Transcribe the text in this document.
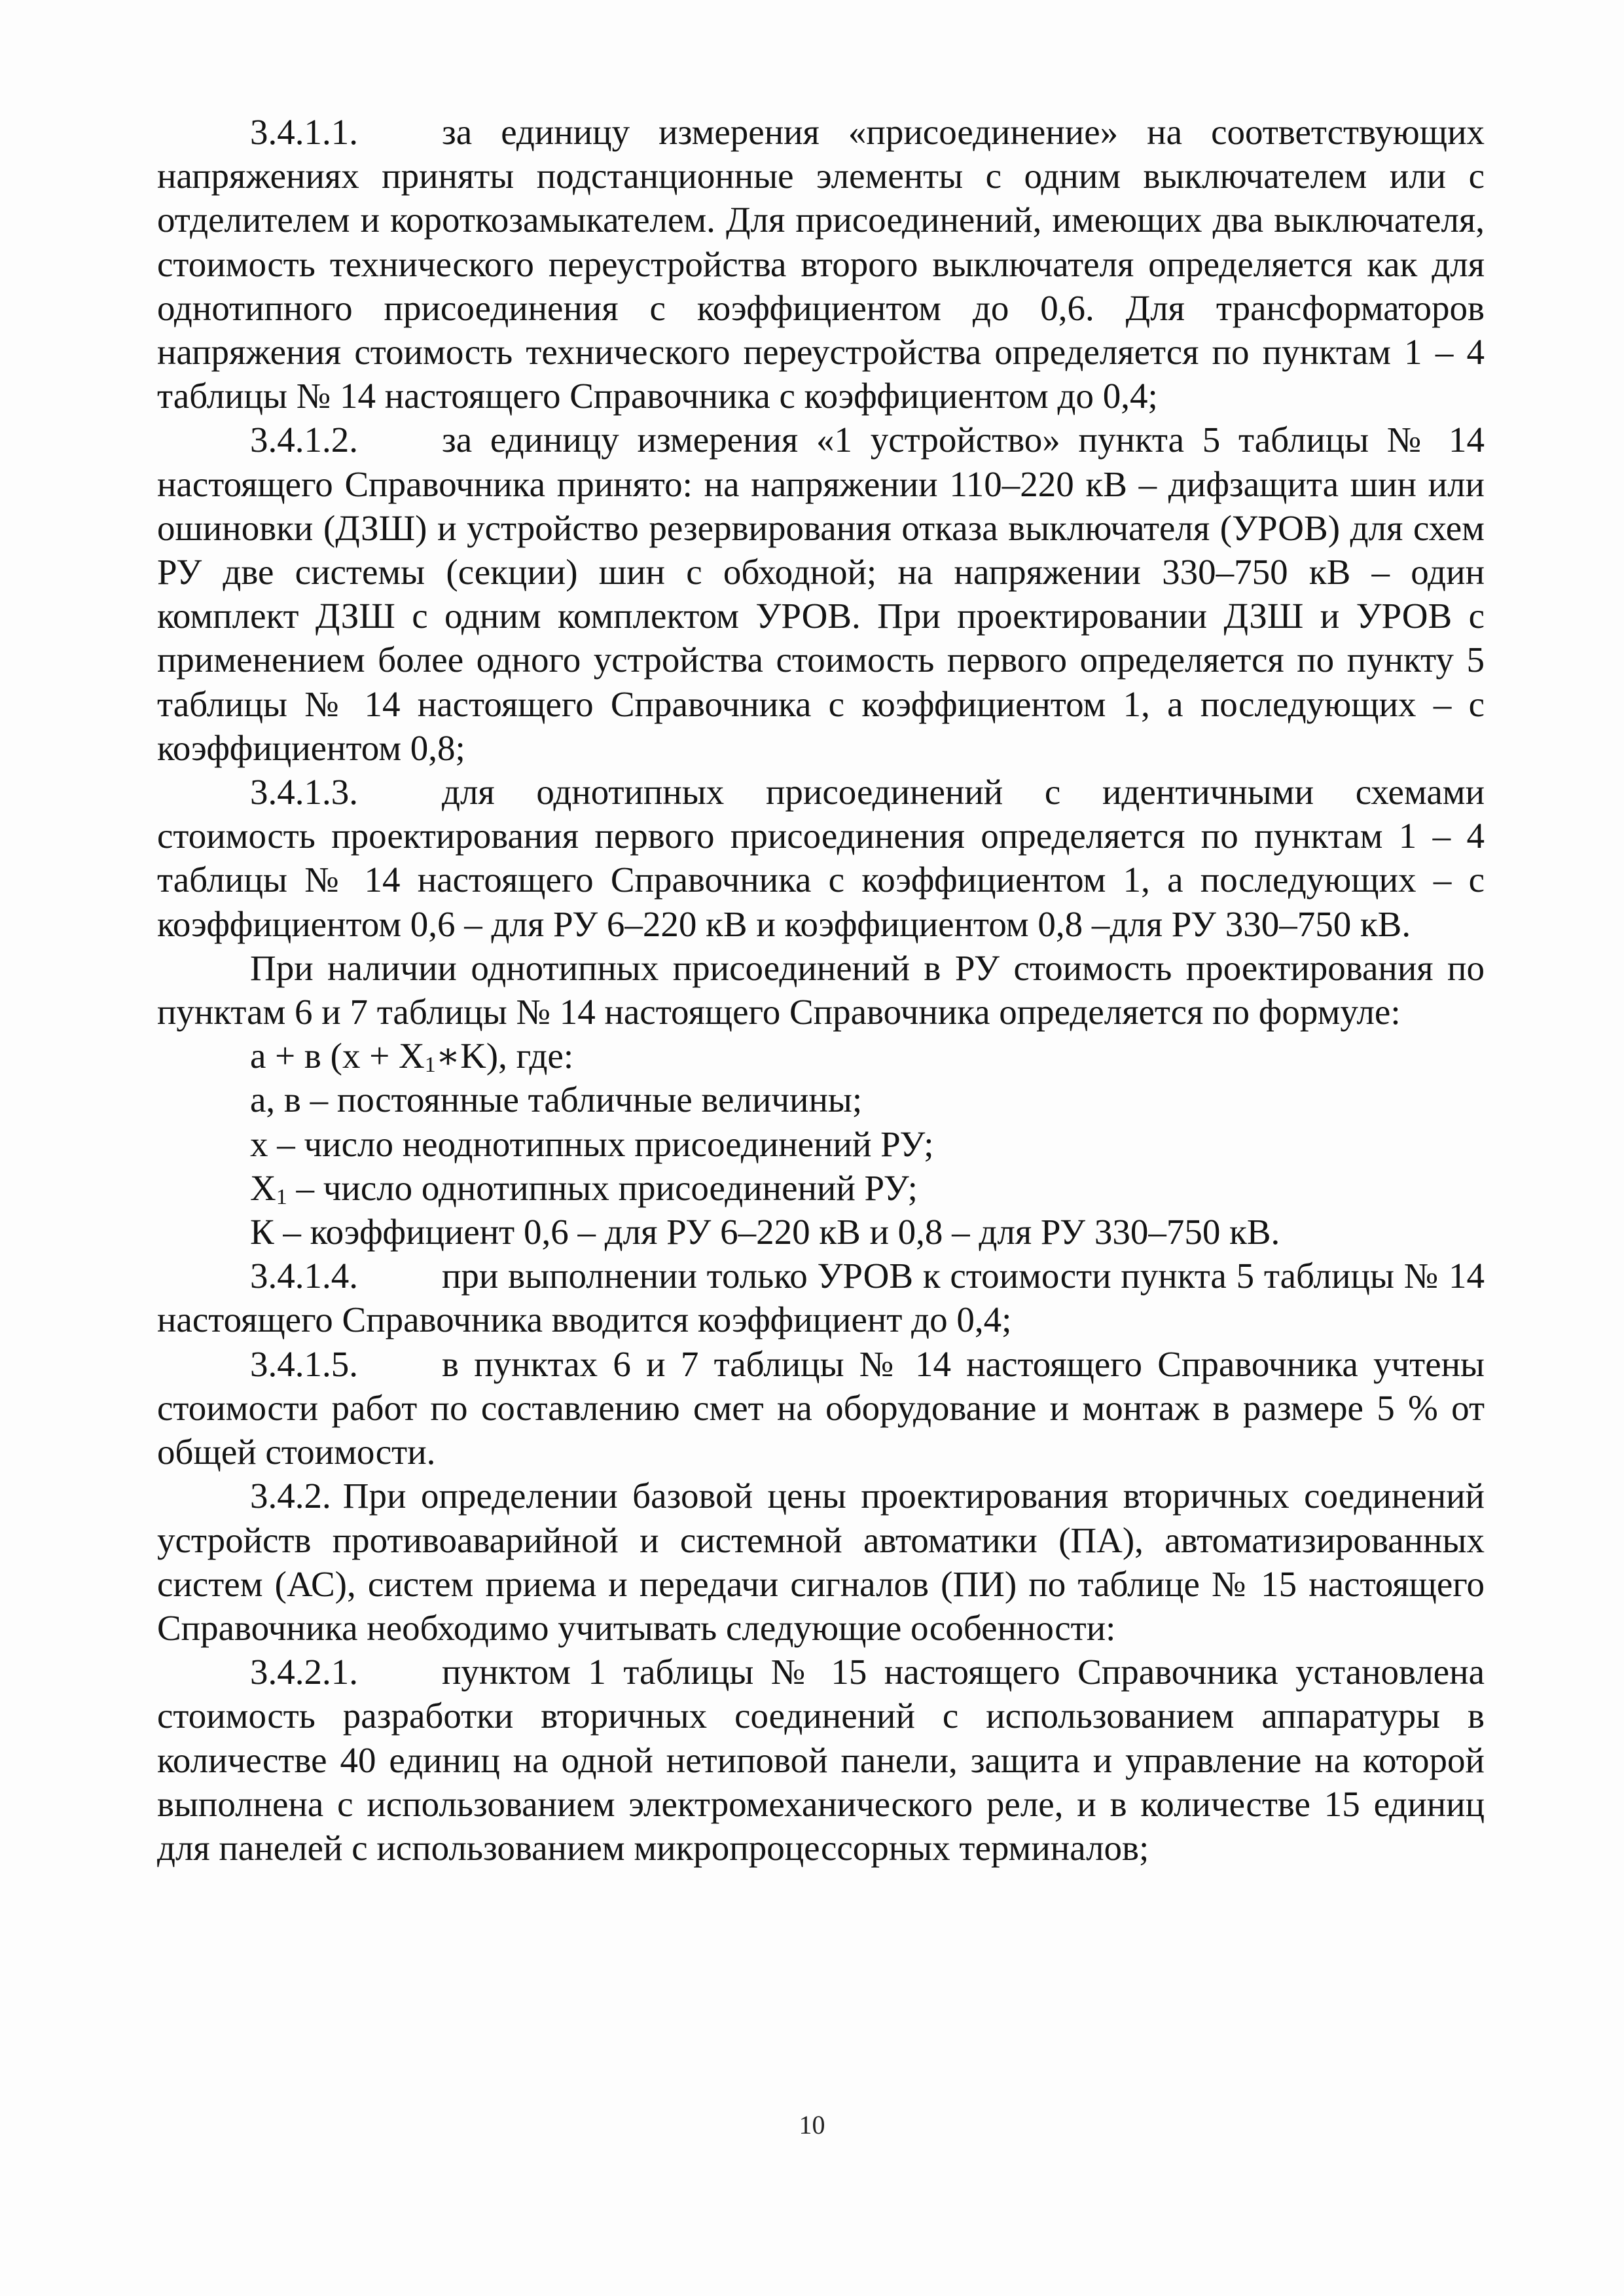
3.4.1.1. за единицу измерения «присоединение» на соответствующих напряжениях приняты подстанционные элементы с одним выключателем или с отделителем и короткозамыкателем. Для присоединений, имеющих два выключателя, стоимость технического переустройства второго выключателя определяется как для однотипного присоединения с коэффициентом до 0,6. Для трансформаторов напряжения стоимость технического переустройства определяется по пунктам 1 – 4 таблицы № 14 настоящего Справочника с коэффициентом до 0,4;

3.4.1.2. за единицу измерения «1 устройство» пункта 5 таблицы № 14 настоящего Справочника принято: на напряжении 110–220 кВ – дифзащита шин или ошиновки (ДЗШ) и устройство резервирования отказа выключателя (УРОВ) для схем РУ две системы (секции) шин с обходной; на напряжении 330–750 кВ – один комплект ДЗШ с одним комплектом УРОВ. При проектировании ДЗШ и УРОВ с применением более одного устройства стоимость первого определяется по пункту 5 таблицы № 14 настоящего Справочника с коэффициентом 1, а последующих – с коэффициентом 0,8;

3.4.1.3. для однотипных присоединений с идентичными схемами стоимость проектирования первого присоединения определяется по пунктам 1 – 4 таблицы № 14 настоящего Справочника с коэффициентом 1, а последующих – с коэффициентом 0,6 – для РУ 6–220 кВ и коэффициентом 0,8 –для РУ 330–750 кВ.

При наличии однотипных присоединений в РУ стоимость проектирования по пунктам 6 и 7 таблицы № 14 настоящего Справочника определяется по формуле:

а + в $(х + X_1∗K)$, где:

а, в – постоянные табличные величины;

х – число неоднотипных присоединений РУ;

$X_1$ – число однотипных присоединений РУ;

К – коэффициент 0,6 – для РУ 6–220 кВ и 0,8 – для РУ 330–750 кВ.

3.4.1.4. при выполнении только УРОВ к стоимости пункта 5 таблицы № 14 настоящего Справочника вводится коэффициент до 0,4;

3.4.1.5. в пунктах 6 и 7 таблицы № 14 настоящего Справочника учтены стоимости работ по составлению смет на оборудование и монтаж в размере 5 % от общей стоимости.

3.4.2. При определении базовой цены проектирования вторичных соединений устройств противоаварийной и системной автоматики (ПА), автоматизированных систем (АС), систем приема и передачи сигналов (ПИ) по таблице № 15 настоящего Справочника необходимо учитывать следующие особенности:

3.4.2.1. пунктом 1 таблицы № 15 настоящего Справочника установлена стоимость разработки вторичных соединений с использованием аппаратуры в количестве 40 единиц на одной нетиповой панели, защита и управление на которой выполнена с использованием электромеханического реле, и в количестве 15 единиц для панелей с использованием микропроцессорных терминалов;

10
